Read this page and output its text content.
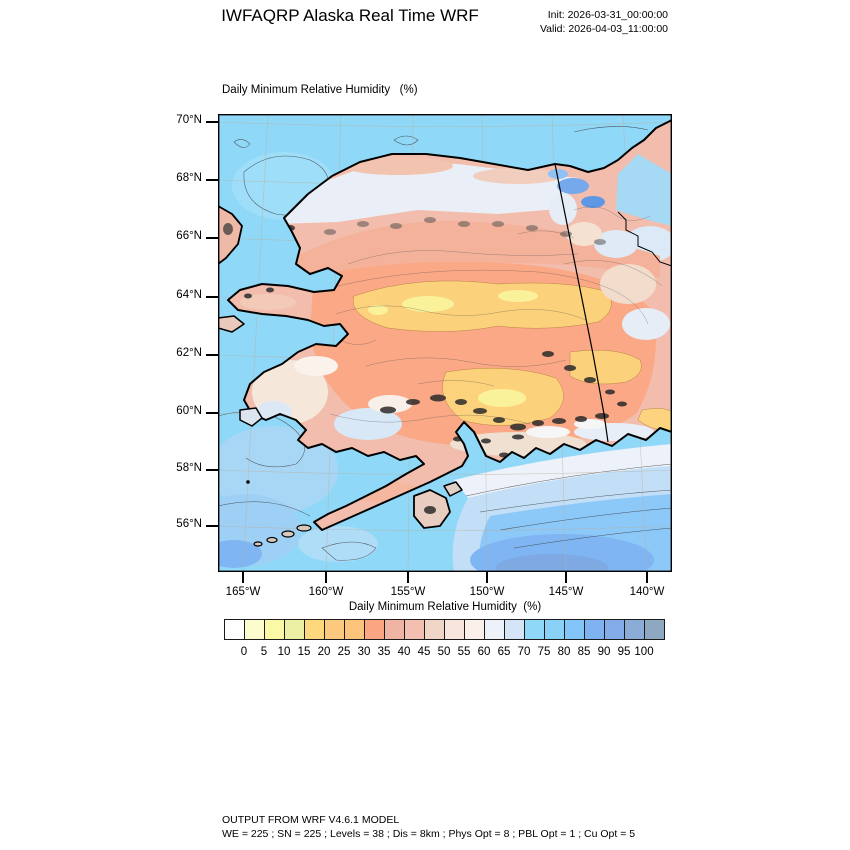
IWFAQRP Alaska Real Time WRF	Init: 2026-03-31_00:00:00
Valid: 2026-04-03_11:00:00
Daily Minimum Relative Humidity   (%)
70°N
68°N
66°N
64°N
62°N
60°N
58°N
56°N
165°W	160°W	155°W	150°W	145°W	140°W
Daily Minimum Relative Humidity  (%)
0	5 10 15 20 25 30 35 40 45 50 55 60 65 70 75 80 85 90 95 100
OUTPUT FROM WRF V4.6.1 MODEL
WE = 225 ; SN = 225 ; Levels = 38 ; Dis = 8km ; Phys Opt = 8 ; PBL Opt = 1 ; Cu Opt = 5
